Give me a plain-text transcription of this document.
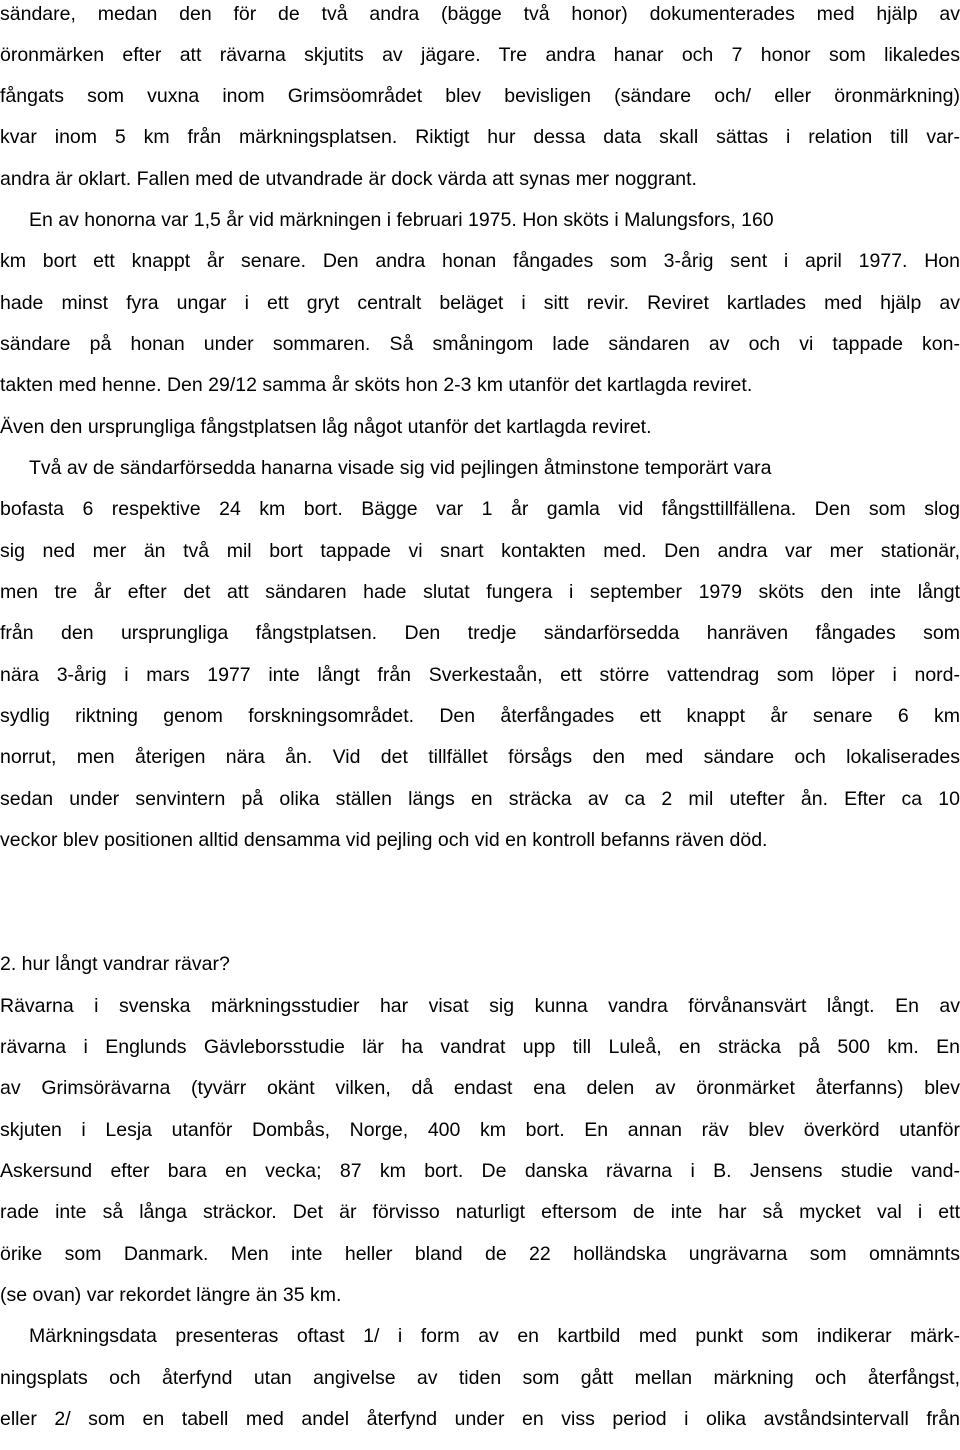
sändare, medan den för de två andra (bägge två honor) dokumenterades med hjälp av
öronmärken efter att rävarna skjutits av jägare. Tre andra hanar och 7 honor som likaledes
fångats som vuxna inom Grimsöområdet blev bevisligen (sändare och/ eller öronmärkning)
kvar inom 5 km från märkningsplatsen. Riktigt hur dessa data skall sättas i relation till var-
andra är oklart. Fallen med de utvandrade är dock värda att synas mer noggrant.
En av honorna var 1,5 år vid märkningen i februari 1975. Hon sköts i Malungsfors, 160
km bort ett knappt år senare. Den andra honan fångades som 3-årig sent i april 1977. Hon
hade minst fyra ungar i ett gryt centralt beläget i sitt revir. Reviret kartlades med hjälp av
sändare på honan under sommaren. Så småningom lade sändaren av och vi tappade kon-
takten med henne. Den 29/12 samma år sköts hon 2-3 km utanför det kartlagda reviret.
Även den ursprungliga fångstplatsen låg något utanför det kartlagda reviret.
Två av de sändarförsedda hanarna visade sig vid pejlingen åtminstone temporärt vara
bofasta 6 respektive 24 km bort. Bägge var 1 år gamla vid fångsttillfällena. Den som slog
sig ned mer än två mil bort tappade vi snart kontakten med. Den andra var mer stationär,
men tre år efter det att sändaren hade slutat fungera i september 1979 sköts den inte långt
från den ursprungliga fångstplatsen. Den tredje sändarförsedda hanräven fångades som
nära 3-årig i mars 1977 inte långt från Sverkestaån, ett större vattendrag som löper i nord-
sydlig riktning genom forskningsområdet. Den återfångades ett knappt år senare 6 km
norrut, men återigen nära ån. Vid det tillfället försågs den med sändare och lokaliserades
sedan under senvintern på olika ställen längs en sträcka av ca 2 mil utefter ån. Efter ca 10
veckor blev positionen alltid densamma vid pejling och vid en kontroll befanns räven död.
2. hur långt vandrar rävar?
Rävarna i svenska märkningsstudier har visat sig kunna vandra förvånansvärt långt. En av
rävarna i Englunds Gävleborsstudie lär ha vandrat upp till Luleå, en sträcka på 500 km. En
av Grimsörävarna (tyvärr okänt vilken, då endast ena delen av öronmärket återfanns) blev
skjuten i Lesja utanför Dombås, Norge, 400 km bort. En annan räv blev överkörd utanför
Askersund efter bara en vecka; 87 km bort. De danska rävarna i B. Jensens studie vand-
rade inte så långa sträckor. Det är förvisso naturligt eftersom de inte har så mycket val i ett
örike som Danmark. Men inte heller bland de 22 holländska ungrävarna som omnämnts
(se ovan) var rekordet längre än 35 km.
Märkningsdata presenteras oftast 1/ i form av en kartbild med punkt som indikerar märk-
ningsplats och återfynd utan angivelse av tiden som gått mellan märkning och återfångst,
eller 2/ som en tabell med andel återfynd under en viss period i olika avståndsintervall från
